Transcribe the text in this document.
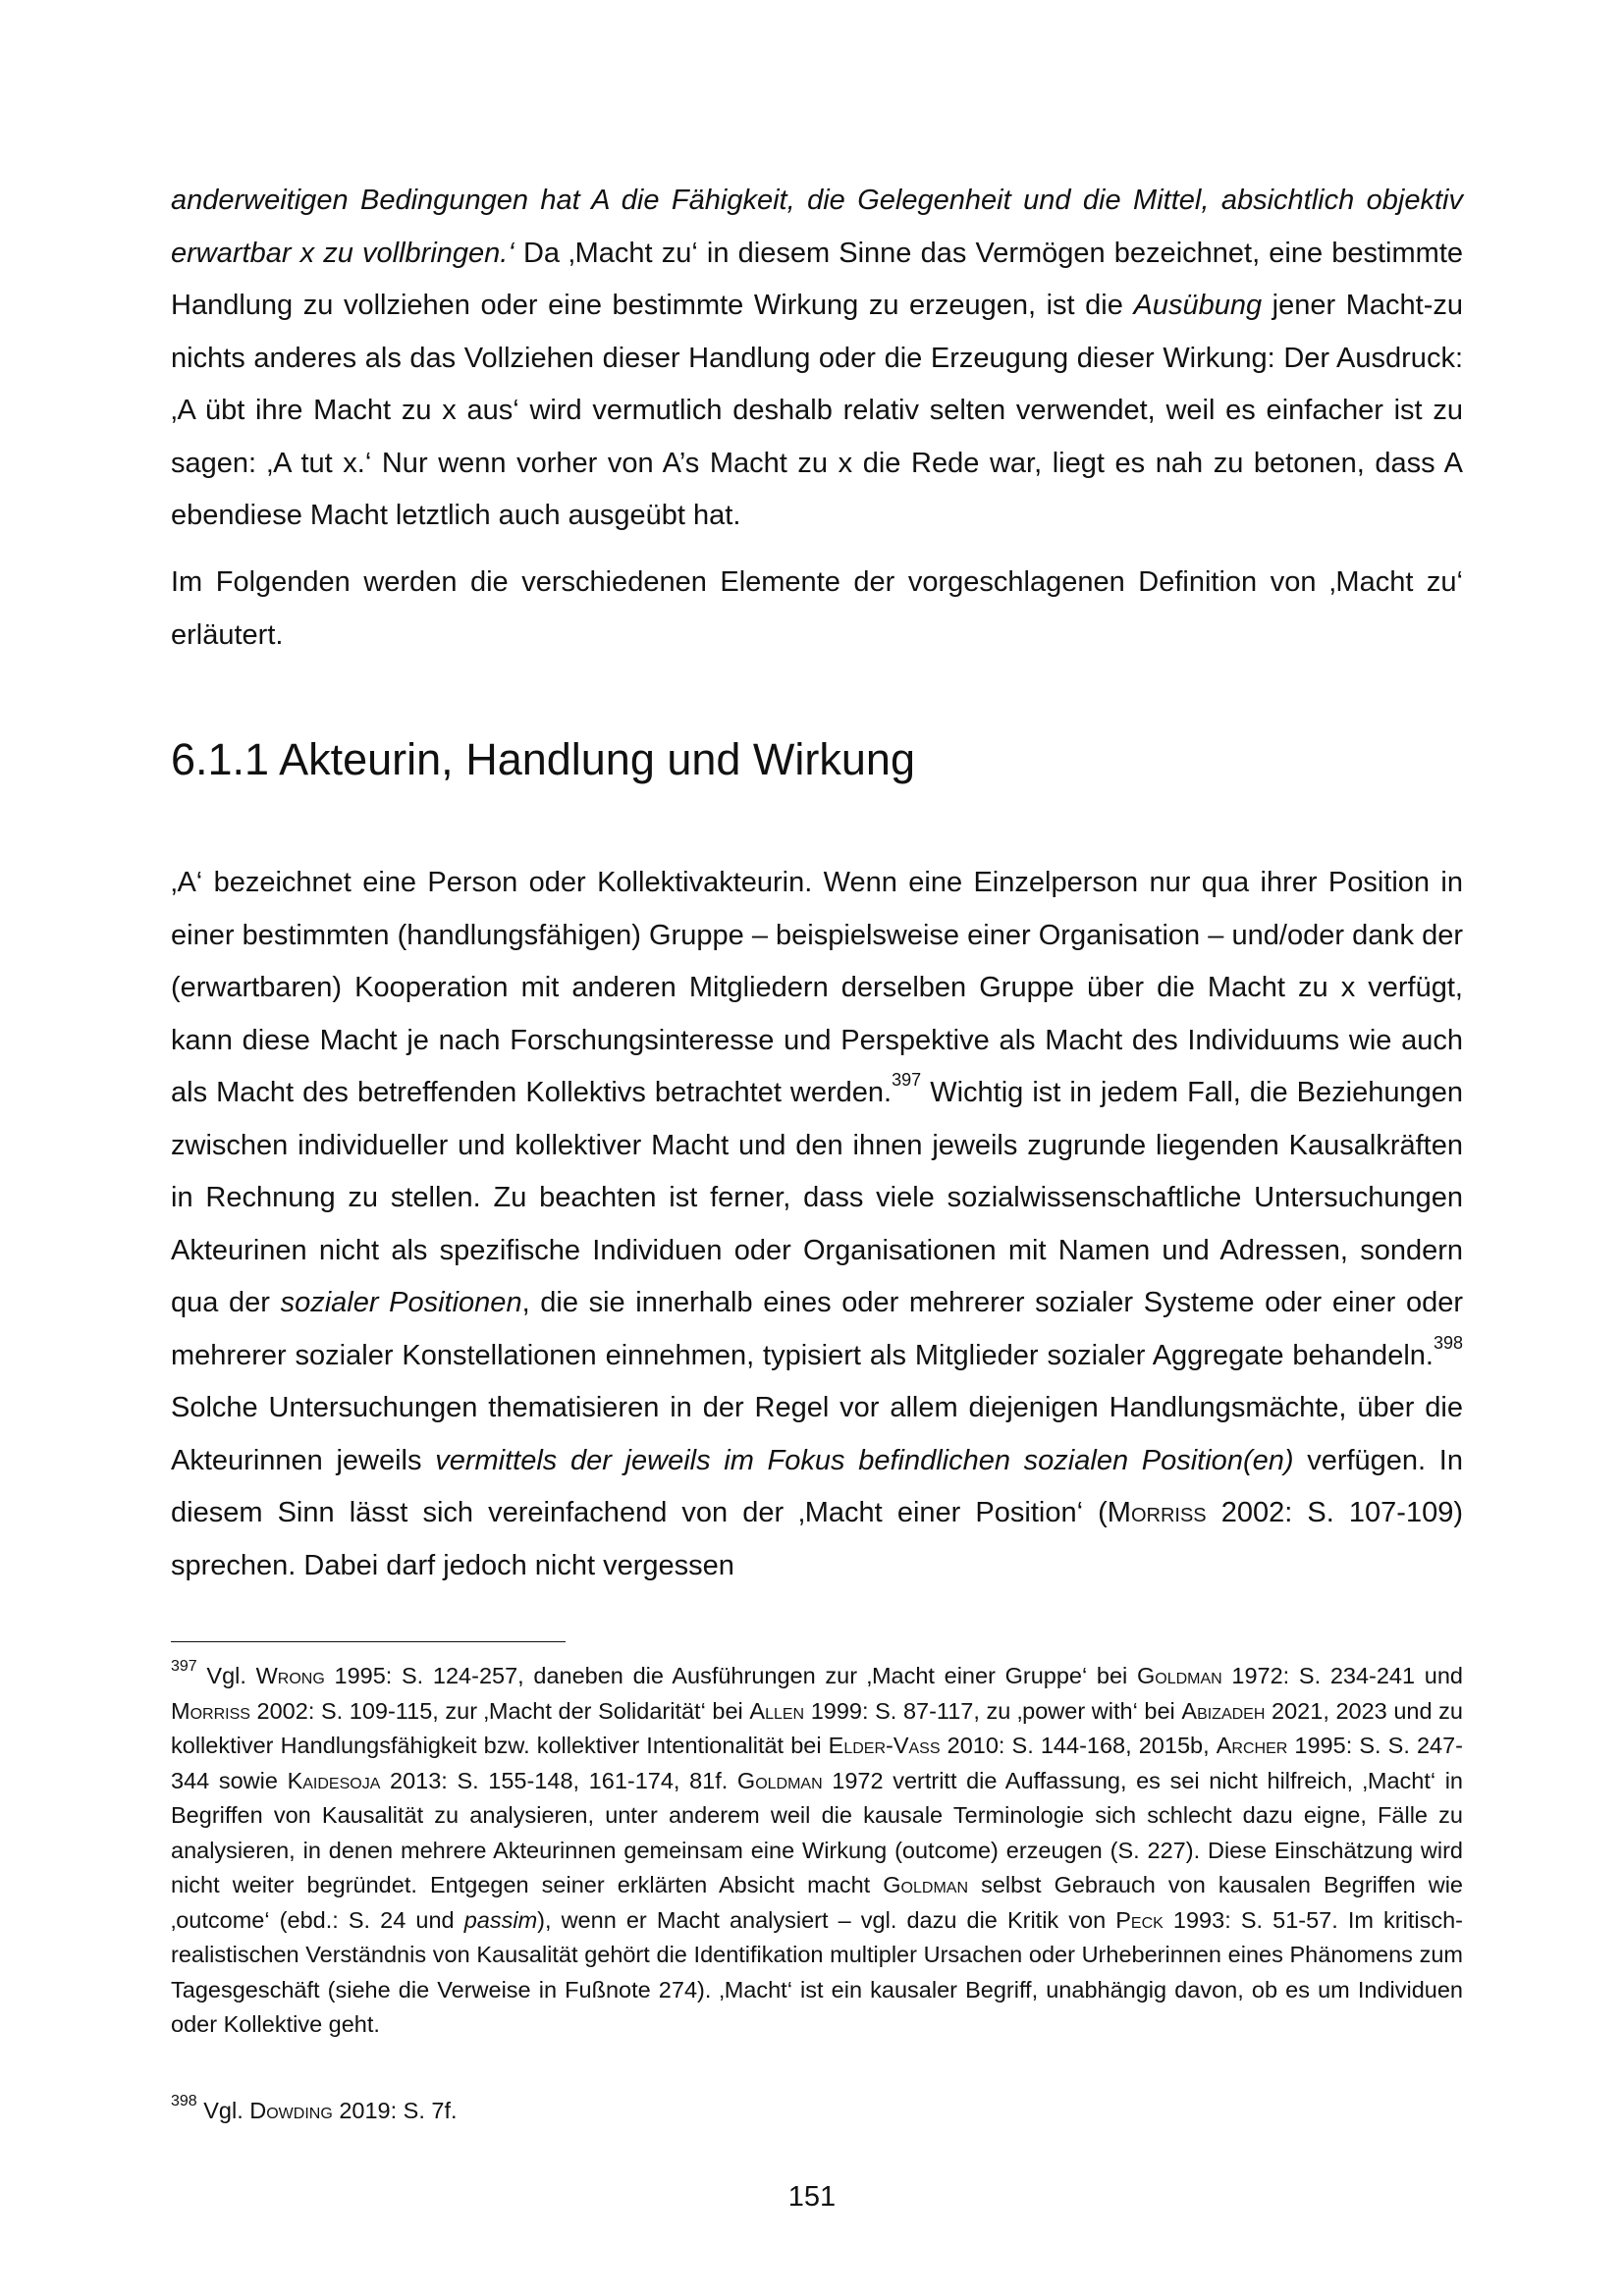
anderweitigen Bedingungen hat A die Fähigkeit, die Gelegenheit und die Mittel, absichtlich objektiv erwartbar x zu vollbringen.‘ Da ‚Macht zu‘ in diesem Sinne das Vermögen bezeichnet, eine bestimmte Handlung zu vollziehen oder eine bestimmte Wirkung zu erzeugen, ist die Ausübung jener Macht-zu nichts anderes als das Vollziehen dieser Handlung oder die Erzeugung dieser Wirkung: Der Ausdruck: ‚A übt ihre Macht zu x aus‘ wird vermutlich deshalb relativ selten verwendet, weil es einfacher ist zu sagen: ‚A tut x.‘ Nur wenn vorher von A’s Macht zu x die Rede war, liegt es nah zu betonen, dass A ebendiese Macht letztlich auch ausgeübt hat.

Im Folgenden werden die verschiedenen Elemente der vorgeschlagenen Definition von ‚Macht zu‘ erläutert.

6.1.1 Akteurin, Handlung und Wirkung

‚A‘ bezeichnet eine Person oder Kollektivakteurin. Wenn eine Einzelperson nur qua ihrer Position in einer bestimmten (handlungsfähigen) Gruppe – beispielsweise einer Organisation – und/oder dank der (erwartbaren) Kooperation mit anderen Mitgliedern derselben Gruppe über die Macht zu x verfügt, kann diese Macht je nach Forschungsinteresse und Perspektive als Macht des Individuums wie auch als Macht des betreffenden Kollektivs betrachtet werden.$^{397}$ Wichtig ist in jedem Fall, die Beziehungen zwischen individueller und kollektiver Macht und den ihnen jeweils zugrunde liegenden Kausalkräften in Rechnung zu stellen. Zu beachten ist ferner, dass viele sozialwissenschaftliche Untersuchungen Akteurinen nicht als spezifische Individuen oder Organisationen mit Namen und Adressen, sondern qua der sozialer Positionen, die sie innerhalb eines oder mehrerer sozialer Systeme oder einer oder mehrerer sozialer Konstellationen einnehmen, typisiert als Mitglieder sozialer Aggregate behandeln.$^{398}$ Solche Untersuchungen thematisieren in der Regel vor allem diejenigen Handlungsmächte, über die Akteurinnen jeweils vermittels der jeweils im Fokus befindlichen sozialen Position(en) verfügen. In diesem Sinn lässt sich vereinfachend von der ‚Macht einer Position‘ (Morriss 2002: S. 107-109) sprechen. Dabei darf jedoch nicht vergessen

$^{397}$ Vgl. Wrong 1995: S. 124-257, daneben die Ausführungen zur ‚Macht einer Gruppe‘ bei Goldman 1972: S. 234-241 und Morriss 2002: S. 109-115, zur ‚Macht der Solidarität‘ bei Allen 1999: S. 87-117, zu ‚power with‘ bei Abizadeh 2021, 2023 und zu kollektiver Handlungsfähigkeit bzw. kollektiver Intentionalität bei Elder-Vass 2010: S. 144-168, 2015b, Archer 1995: S. S. 247-344 sowie Kaidesoja 2013: S. 155-148, 161-174, 81f. Goldman 1972 vertritt die Auffassung, es sei nicht hilfreich, ‚Macht‘ in Begriffen von Kausalität zu analysieren, unter anderem weil die kausale Terminologie sich schlecht dazu eigne, Fälle zu analysieren, in denen mehrere Akteurinnen gemeinsam eine Wirkung (outcome) erzeugen (S. 227). Diese Einschätzung wird nicht weiter begründet. Entgegen seiner erklärten Absicht macht Goldman selbst Gebrauch von kausalen Begriffen wie ‚outcome‘ (ebd.: S. 24 und passim), wenn er Macht analysiert – vgl. dazu die Kritik von Peck 1993: S. 51-57. Im kritisch-realistischen Verständnis von Kausalität gehört die Identifikation multipler Ursachen oder Urheberinnen eines Phänomens zum Tagesgeschäft (siehe die Verweise in Fußnote 274). ‚Macht‘ ist ein kausaler Begriff, unabhängig davon, ob es um Individuen oder Kollektive geht.

$^{398}$ Vgl. Dowding 2019: S. 7f.

151
